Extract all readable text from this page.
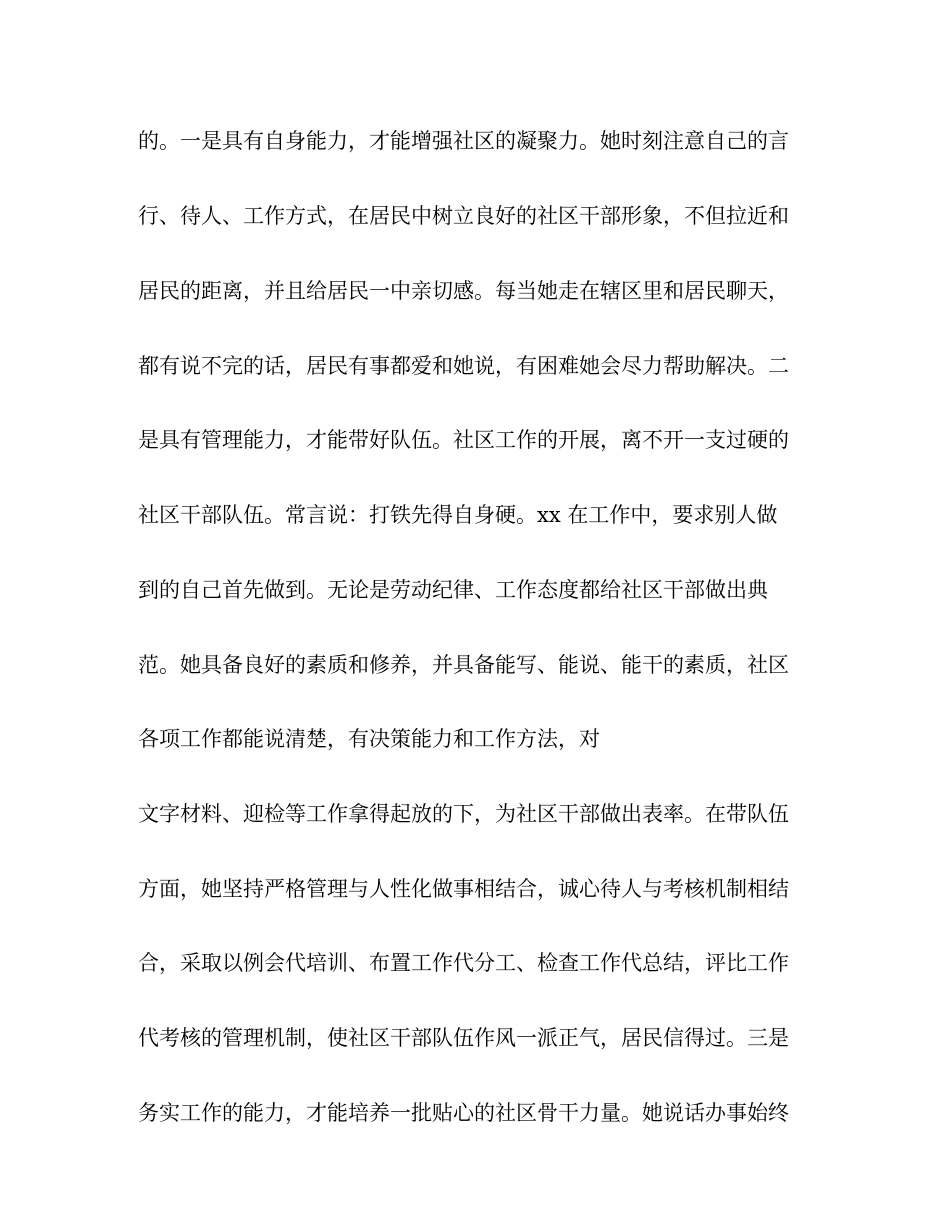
的。一是具有自身能力，才能增强社区的凝聚力。她时刻注意自己的言
行、待人、工作方式，在居民中树立良好的社区干部形象，不但拉近和
居民的距离，并且给居民一中亲切感。每当她走在辖区里和居民聊天，
都有说不完的话，居民有事都爱和她说，有困难她会尽力帮助解决。二
是具有管理能力，才能带好队伍。社区工作的开展，离不开一支过硬的
社区干部队伍。常言说：打铁先得自身硬。xx 在工作中，要求别人做
到的自己首先做到。无论是劳动纪律、工作态度都给社区干部做出典
范。她具备良好的素质和修养，并具备能写、能说、能干的素质，社区
各项工作都能说清楚，有决策能力和工作方法，对
文字材料、迎检等工作拿得起放的下，为社区干部做出表率。在带队伍
方面，她坚持严格管理与人性化做事相结合，诚心待人与考核机制相结
合，采取以例会代培训、布置工作代分工、检查工作代总结，评比工作
代考核的管理机制，使社区干部队伍作风一派正气，居民信得过。三是
务实工作的能力，才能培养一批贴心的社区骨干力量。她说话办事始终
